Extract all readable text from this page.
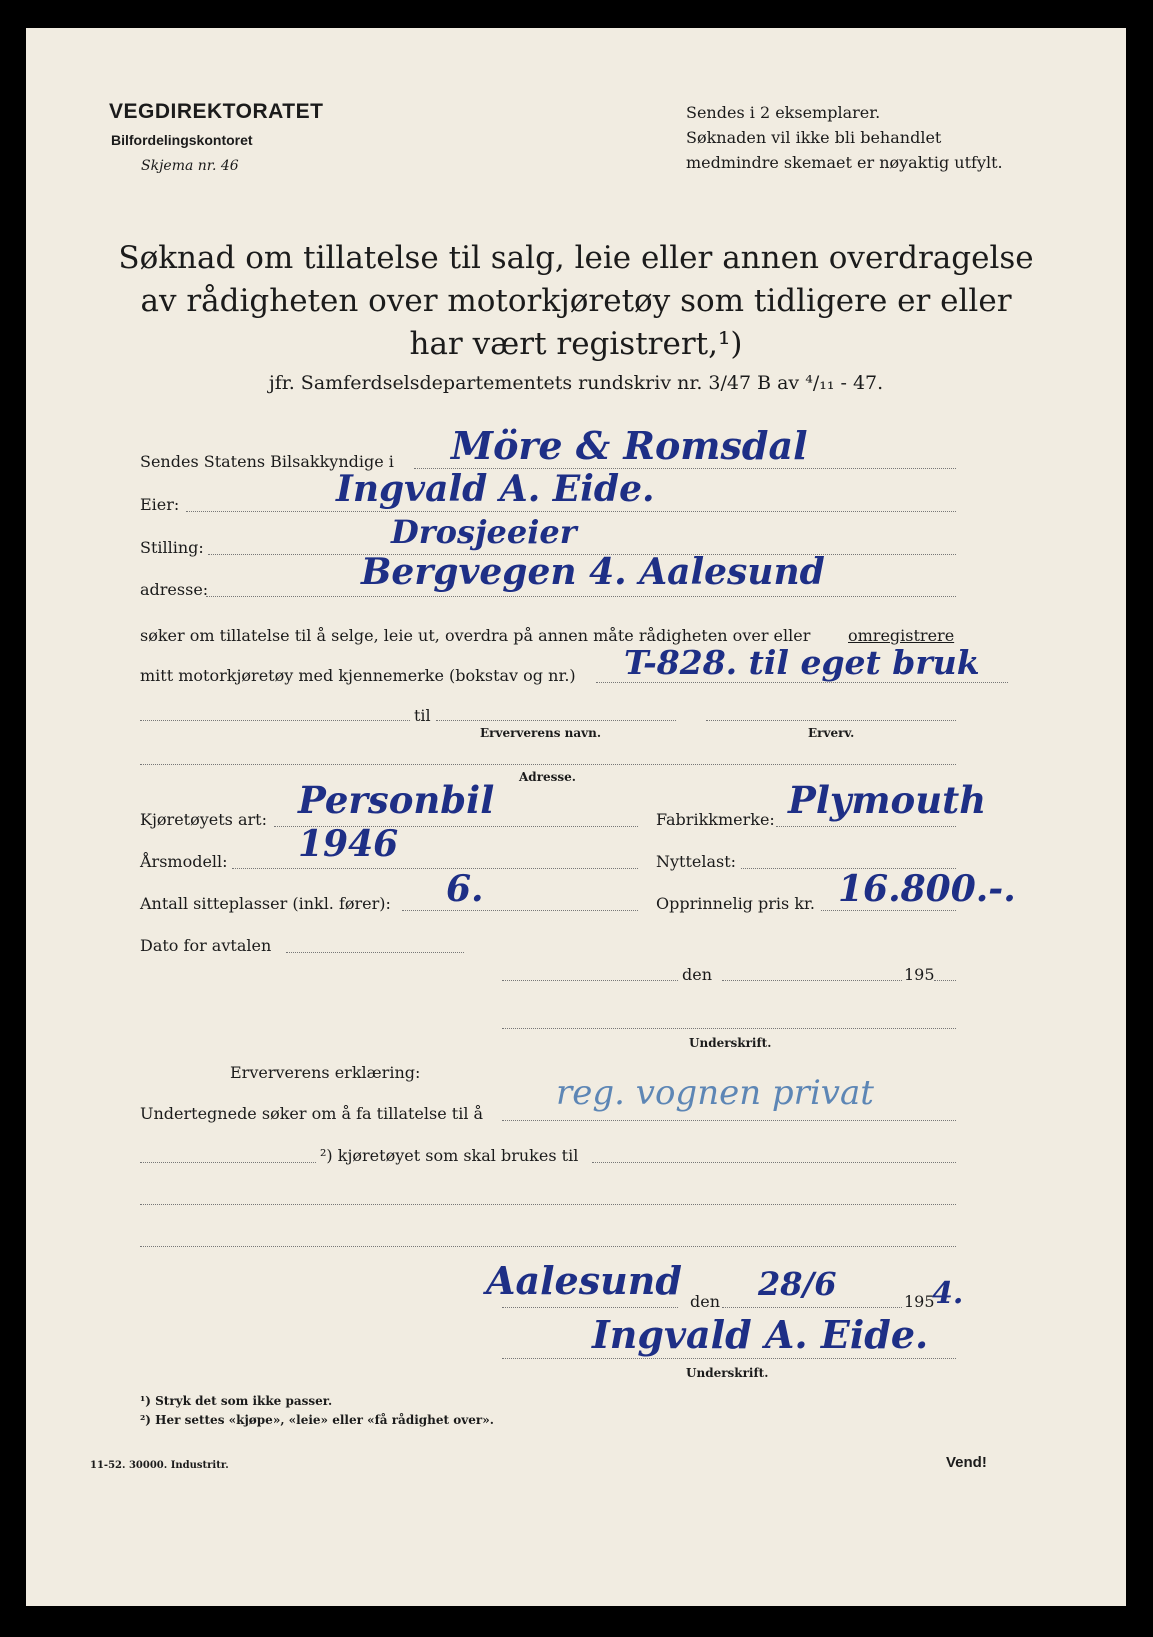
VEGDIREKTORATET
Bilfordelingskontoret
Skjema nr. 46
Sendes i 2 eksemplarer.
Søknaden vil ikke bli behandlet
medmindre skemaet er nøyaktig utfylt.
Søknad om tillatelse til salg, leie eller annen overdragelse
av rådigheten over motorkjøretøy som tidligere er eller
har vært registrert,¹)
jfr. Samferdselsdepartementets rundskriv nr. 3/47 B av ⁴/₁₁ - 47.
Sendes Statens Bilsakkyndige i Möre & Romsdal
Eier:	Ingvald A. Eide.
Stilling:	Drosjeeier
adresse:	Bergvegen 4. Aalesund
søker om tillatelse til å selge, leie ut, overdra på annen måte rådigheten over eller omregistrere
mitt motorkjøretøy med kjennemerke (bokstav og nr.) T-828. til eget bruk
til
Erververens navn.	Erverv.
Adresse.
Kjøretøyets art: Personbil	Fabrikkmerke: Plymouth
Årsmodell: 1946	Nyttelast:
Antall sitteplasser (inkl. fører): 6.	Opprinnelig pris kr. 16.800.-.
Dato for avtalen
den	195
Underskrift.
Erververens erklæring:
Undertegnede søker om å fa tillatelse til å
reg. vognen privat
²) kjøretøyet som skal brukes til
Aalesund den 28/6	195
4.
Ingvald A. Eide.
Underskrift.
¹) Stryk det som ikke passer.
²) Her settes «kjøpe», «leie» eller «få rådighet over».
11-52. 30000. Industritr.	Vend!
